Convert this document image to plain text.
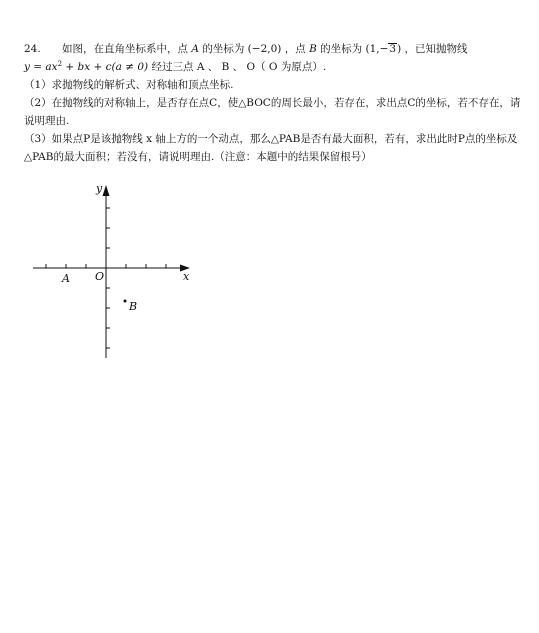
24. 如图，在直角坐标系中，点 A 的坐标为 (−2,0) ，点 B 的坐标为 (1,−3) ，已知抛物线
$y = ax^2$ + bx + c(a ≠ 0) 经过三点 A 、 B 、 O（ O 为原点）.
（1）求抛物线的解析式、对称轴和顶点坐标.
（2）在抛物线的对称轴上，是否存在点C，使△BOC的周长最小，若存在，求出点C的坐标，若不存在，请说明理由.
（3）如果点P是该抛物线 x 轴上方的一个动点，那么△PAB是否有最大面积，若有，求出此时P点的坐标及△PAB的最大面积；若没有，请说明理由.（注意：本题中的结果保留根号）
y
x
O
A
B
